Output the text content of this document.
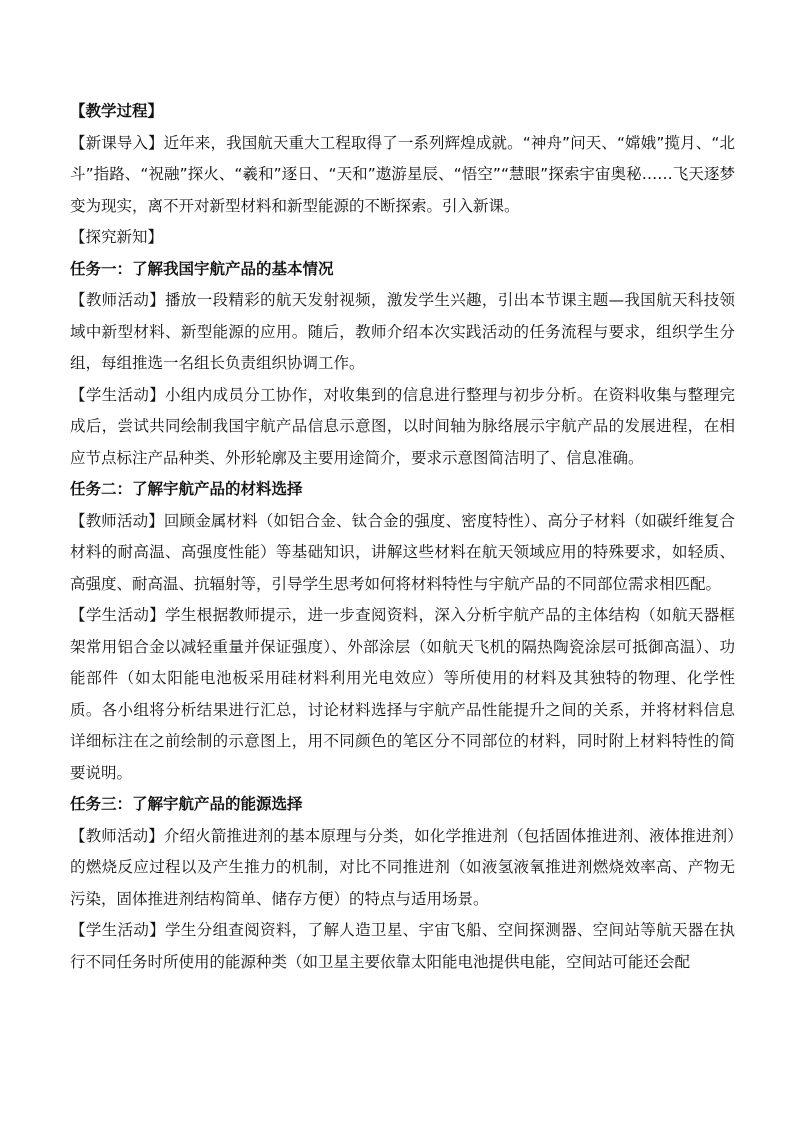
【教学过程】

【新课导入】近年来，我国航天重大工程取得了一系列辉煌成就。“神舟”问天、“嫦娥”揽月、“北斗”指路、“祝融”探火、“羲和”逐日、“天和”遨游星辰、“悟空”“慧眼”探索宇宙奥秘……飞天逐梦变为现实，离不开对新型材料和新型能源的不断探索。引入新课。

【探究新知】

任务一：了解我国宇航产品的基本情况

【教师活动】播放一段精彩的航天发射视频，激发学生兴趣，引出本节课主题—我国航天科技领域中新型材料、新型能源的应用。随后，教师介绍本次实践活动的任务流程与要求，组织学生分组，每组推选一名组长负责组织协调工作。

【学生活动】小组内成员分工协作，对收集到的信息进行整理与初步分析。在资料收集与整理完成后，尝试共同绘制我国宇航产品信息示意图，以时间轴为脉络展示宇航产品的发展进程，在相应节点标注产品种类、外形轮廓及主要用途简介，要求示意图简洁明了、信息准确。

任务二：了解宇航产品的材料选择

【教师活动】回顾金属材料（如铝合金、钛合金的强度、密度特性）、高分子材料（如碳纤维复合材料的耐高温、高强度性能）等基础知识，讲解这些材料在航天领域应用的特殊要求，如轻质、高强度、耐高温、抗辐射等，引导学生思考如何将材料特性与宇航产品的不同部位需求相匹配。

【学生活动】学生根据教师提示，进一步查阅资料，深入分析宇航产品的主体结构（如航天器框架常用铝合金以减轻重量并保证强度）、外部涂层（如航天飞机的隔热陶瓷涂层可抵御高温）、功能部件（如太阳能电池板采用硅材料利用光电效应）等所使用的材料及其独特的物理、化学性质。各小组将分析结果进行汇总，讨论材料选择与宇航产品性能提升之间的关系，并将材料信息详细标注在之前绘制的示意图上，用不同颜色的笔区分不同部位的材料，同时附上材料特性的简要说明。

任务三：了解宇航产品的能源选择

【教师活动】介绍火箭推进剂的基本原理与分类，如化学推进剂（包括固体推进剂、液体推进剂）的燃烧反应过程以及产生推力的机制，对比不同推进剂（如液氢液氧推进剂燃烧效率高、产物无污染，固体推进剂结构简单、储存方便）的特点与适用场景。

【学生活动】学生分组查阅资料，了解人造卫星、宇宙飞船、空间探测器、空间站等航天器在执行不同任务时所使用的能源种类（如卫星主要依靠太阳能电池提供电能，空间站可能还会配
